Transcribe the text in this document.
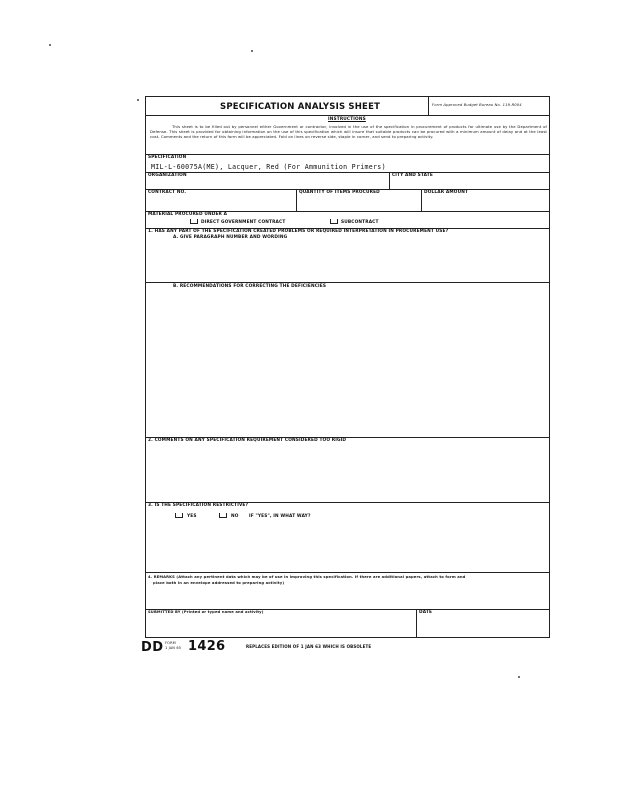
SPECIFICATION ANALYSIS SHEET	Form Approved Budget Bureau No. 119-R004
INSTRUCTIONS
This sheet is to be filled out by personnel either Government or contractor, involved in the use of the specification in procurement of products for ultimate use by the Department of Defense. This sheet is provided for obtaining information on the use of this specification which will insure that suitable products can be procured with a minimum amount of delay and at the least cost. Comments and the return of this form will be appreciated. Fold on lines on reverse side, staple in corner, and send to preparing activity.
SPECIFICATION
MIL-L-60075A(ME), Lacquer, Red (For Ammunition Primers)
ORGANIZATION	CITY AND STATE
CONTRACT NO.	QUANTITY OF ITEMS PROCURED	DOLLAR AMOUNT
MATERIAL PROCURED UNDER A
DIRECT GOVERNMENT CONTRACT	SUBCONTRACT
1. HAS ANY PART OF THE SPECIFICATION CREATED PROBLEMS OR REQUIRED INTERPRETATION IN PROCUREMENT USE?
A. GIVE PARAGRAPH NUMBER AND WORDING
B. RECOMMENDATIONS FOR CORRECTING THE DEFICIENCIES
2. COMMENTS ON ANY SPECIFICATION REQUIREMENT CONSIDERED TOO RIGID
3. IS THE SPECIFICATION RESTRICTIVE?
YES	NO IF "YES", IN WHAT WAY?
4. REMARKS (Attach any pertinent data which may be of use in improving this specification. If there are additional papers, attach to form and
place both in an envelope addressed to preparing activity)
SUBMITTED BY (Printed or typed name and activity)	DATE
DD FORM
1 JAN 65 1426	REPLACES EDITION OF 1 JAN 63 WHICH IS OBSOLETE
